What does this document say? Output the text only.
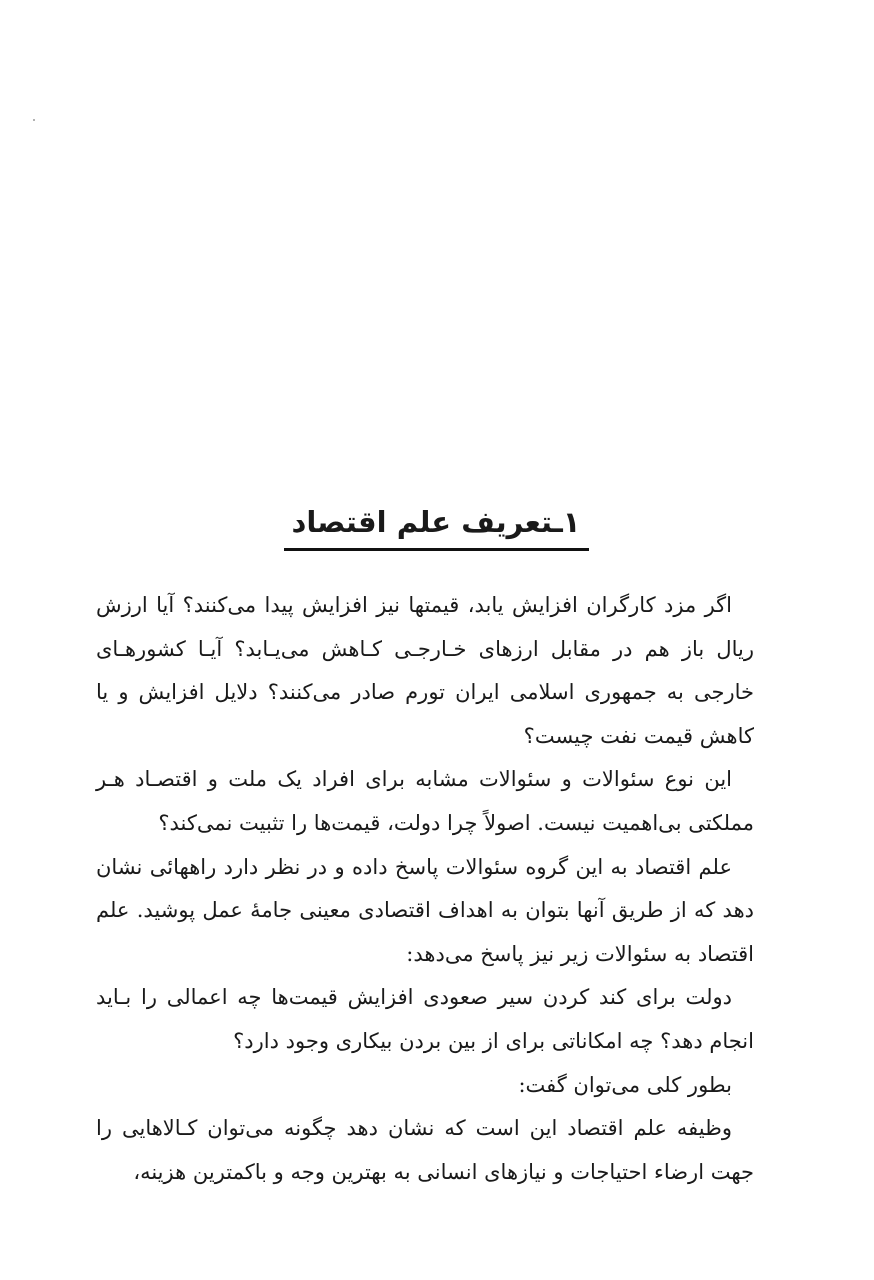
۱ـتعریف علم اقتصاد

اگر مزد کارگران افزایش یابد، قیمتها نیز افزایش پیدا می‌کنند؟ آیا ارزش ریال باز هم در مقابل ارزهای خـارجـی کـاهش می‌یـابد؟ آیـا کشورهـای خارجی به جمهوری اسلامی ایران تورم صادر می‌کنند؟ دلایل افزایش و یا کاهش قیمت نفت چیست؟

این نوع سئوالات و سئوالات مشابه برای افراد یک ملت و اقتصـاد هـر مملکتی بی‌اهمیت نیست. اصولاً چرا دولت، قیمت‌ها را تثبیت نمی‌کند؟

علم اقتصاد به این گروه سئوالات پاسخ داده و در نظر دارد راههائی نشان دهد که از طریق آنها بتوان به اهداف اقتصادی معینی جامهٔ عمل پوشید. علم اقتصاد به سئوالات زیر نیز پاسخ می‌دهد:

دولت برای کند کردن سیر صعودی افزایش قیمت‌ها چه اعمالی را بـاید انجام دهد؟ چه امکاناتی برای از بین بردن بیکاری وجود دارد؟

بطور کلی می‌توان گفت:

وظیفه علم اقتصاد این است که نشان دهد چگونه می‌توان کـالاهایی را جهت ارضاء احتیاجات و نیازهای انسانی به بهترین وجه و باکمترین هزینه،
